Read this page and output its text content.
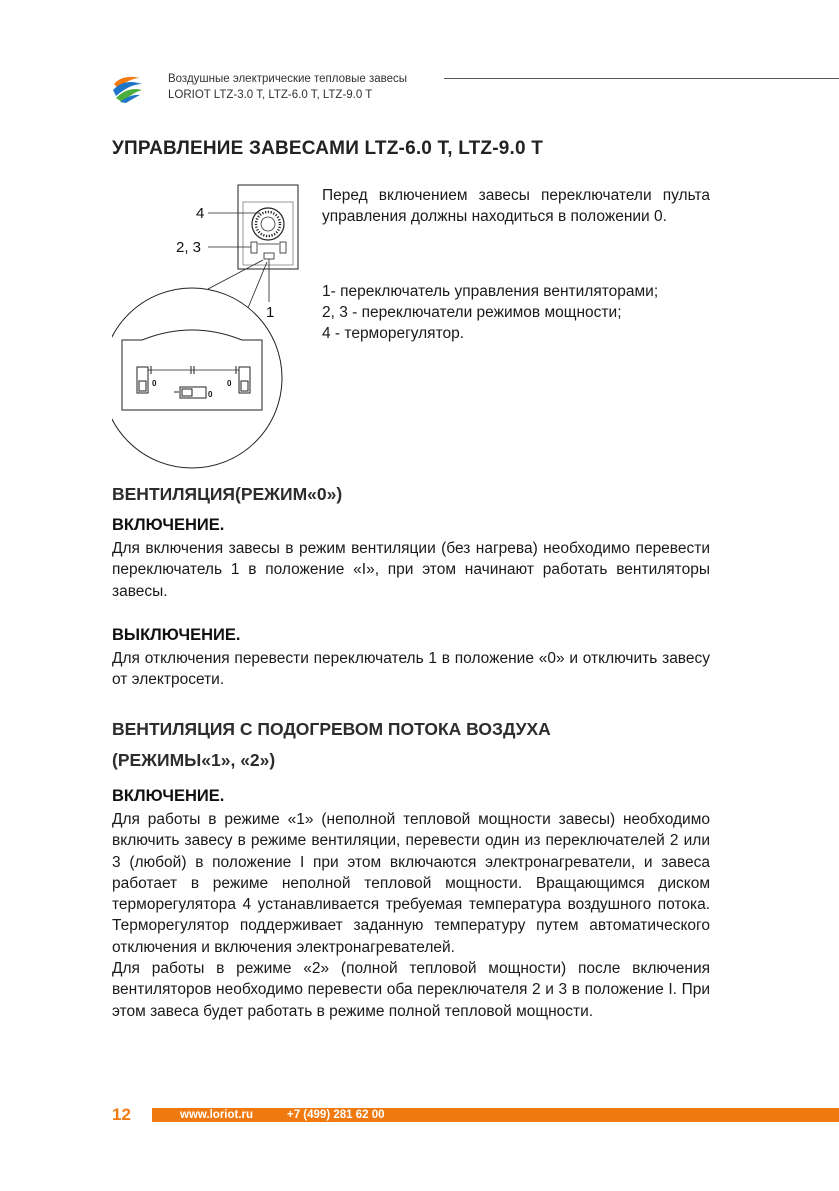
Воздушные электрические тепловые завесы
LORIOT LTZ-3.0 T, LTZ-6.0 T, LTZ-9.0 T
УПРАВЛЕНИЕ ЗАВЕСАМИ LTZ-6.0 T, LTZ-9.0 T
4
2, 3
1
0	0
0

Перед включением завесы переключатели пульта управления должны находиться в положении 0.

1- переключатель управления вентиляторами;
2, 3 - переключатели режимов мощности;
4 - терморегулятор.
ВЕНТИЛЯЦИЯ(РЕЖИМ«0»)
ВКЛЮЧЕНИЕ.

Для включения завесы в режим вентиляции (без нагрева) необходимо перевести переключатель 1 в положение «I», при этом начинают работать вентиляторы завесы.

ВЫКЛЮЧЕНИЕ.

Для отключения перевести переключатель 1 в положение «0» и отключить завесу от электросети.

ВЕНТИЛЯЦИЯ С ПОДОГРЕВОМ ПОТОКА ВОЗДУХА
(РЕЖИМЫ«1», «2»)
ВКЛЮЧЕНИЕ.

Для работы в режиме «1» (неполной тепловой мощности завесы) необходимо включить завесу в режиме вентиляции, перевести один из переключателей 2 или 3 (любой) в положение I при этом включаются электронагреватели, и завеса работает в режиме неполной тепловой мощности. Вращающимся диском терморегулятора 4 устанавливается требуемая температура воздушного потока. Терморегулятор поддерживает заданную температуру путем автоматического отключения и включения электронагревателей.

Для работы в режиме «2» (полной тепловой мощности) после включения вентиляторов необходимо перевести оба переключателя 2 и 3 в положение I. При этом завеса будет работать в режиме полной тепловой мощности.

12	www.loriot.ru	+7 (499) 281 62 00
